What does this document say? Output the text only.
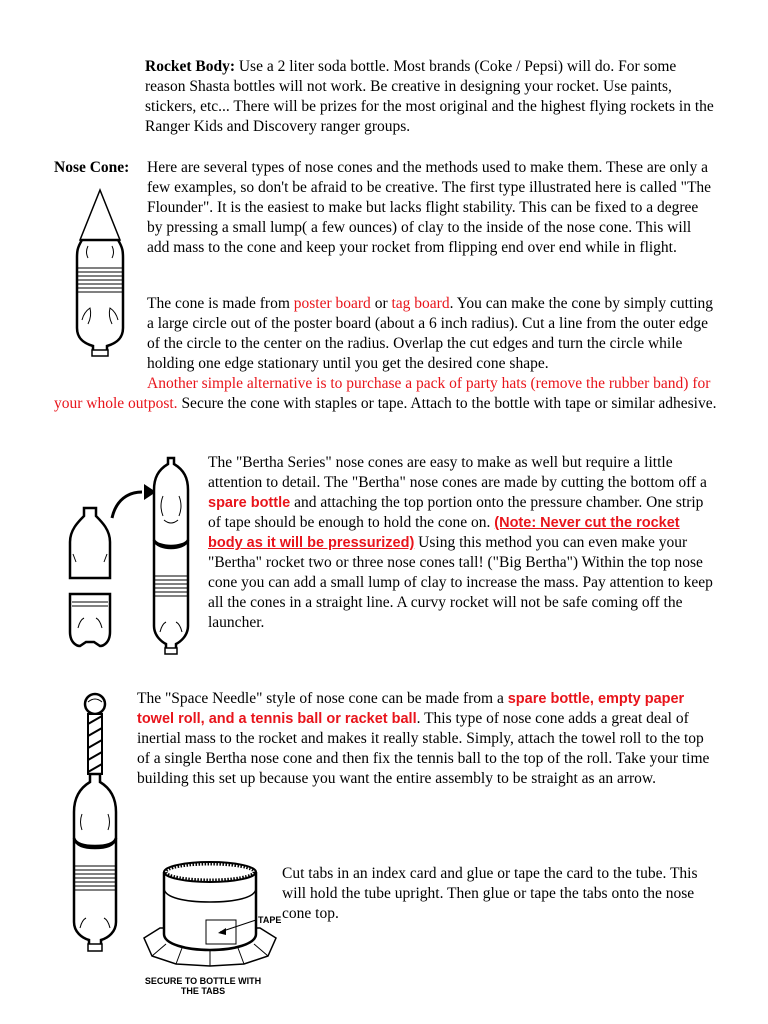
Rocket Body: Use a 2 liter soda bottle. Most brands (Coke / Pepsi) will do. For some reason Shasta bottles will not work. Be creative in designing your rocket. Use paints, stickers, etc... There will be prizes for the most original and the highest flying rockets in the Ranger Kids and Discovery ranger groups.

Nose Cone: Here are several types of nose cones and the methods used to make them. These are only a few examples, so don't be afraid to be creative. The first type illustrated here is called "The Flounder". It is the easiest to make but lacks flight stability. This can be fixed to a degree by pressing a small lump( a few ounces) of clay to the inside of the nose cone. This will add mass to the cone and keep your rocket from flipping end over end while in flight.

The cone is made from poster board or tag board. You can make the cone by simply cutting a large circle out of the poster board (about a 6 inch radius). Cut a line from the outer edge of the circle to the center on the radius. Overlap the cut edges and turn the circle while holding one edge stationary until you get the desired cone shape.

Another simple alternative is to purchase a pack of party hats (remove the rubber band) for your whole outpost. Secure the cone with staples or tape. Attach to the bottle with tape or similar adhesive.

The "Bertha Series" nose cones are easy to make as well but require a little attention to detail. The "Bertha" nose cones are made by cutting the bottom off a spare bottle and attaching the top portion onto the pressure chamber. One strip of tape should be enough to hold the cone on. (Note: Never cut the rocket body as it will be pressurized) Using this method you can even make your "Bertha" rocket two or three nose cones tall! ("Big Bertha") Within the top nose cone you can add a small lump of clay to increase the mass. Pay attention to keep all the cones in a straight line. A curvy rocket will not be safe coming off the launcher.

The "Space Needle" style of nose cone can be made from a spare bottle, empty paper towel roll, and a tennis ball or racket ball. This type of nose cone adds a great deal of inertial mass to the rocket and makes it really stable. Simply, attach the towel roll to the top of a single Bertha nose cone and then fix the tennis ball to the top of the roll. Take your time building this set up because you want the entire assembly to be straight as an arrow.

TAPE
SECURE TO BOTTLE WITH
THE TABS

Cut tabs in an index card and glue or tape the card to the tube. This will hold the tube upright. Then glue or tape the tabs onto the nose cone top.
